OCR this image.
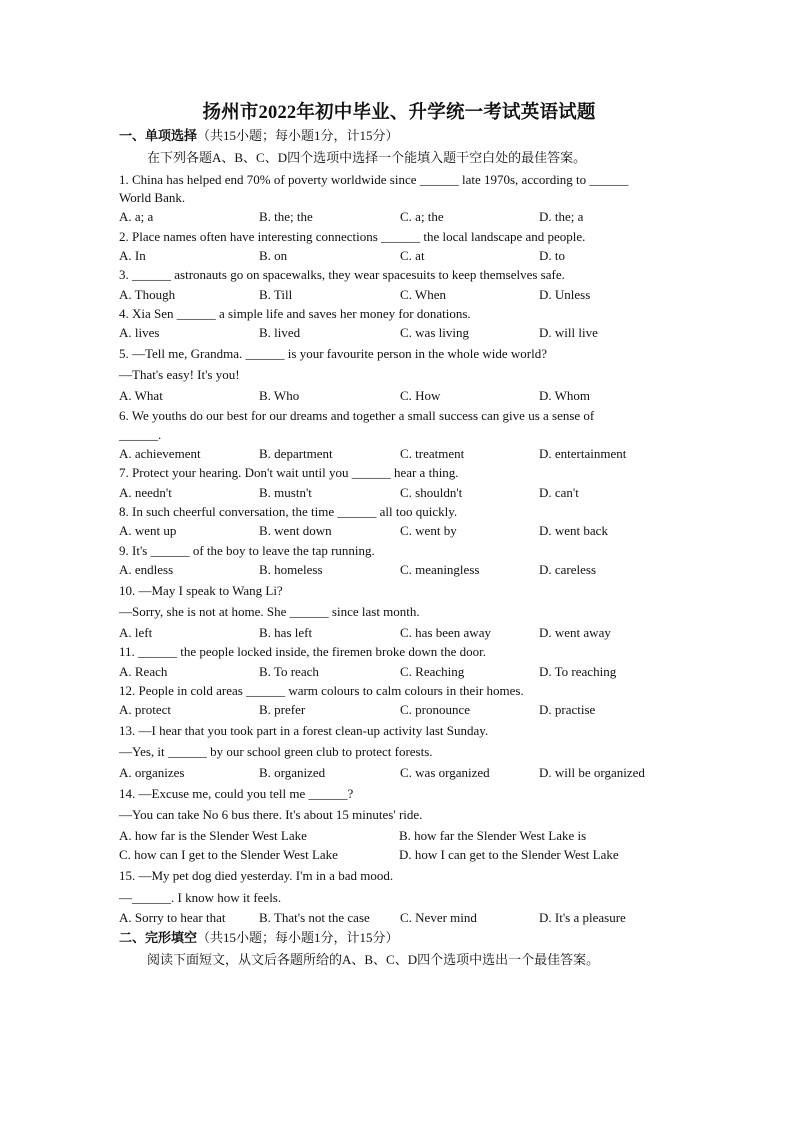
扬州市2022年初中毕业、升学统一考试英语试题
一、单项选择（共15小题；每小题1分，计15分）
在下列各题A、B、C、D四个选项中选择一个能填入题干空白处的最佳答案。
1. China has helped end 70% of poverty worldwide since ______ late 1970s, according to ______
World Bank.
A. a; a	B. the; the	C. a; the	D. the; a
2. Place names often have interesting connections ______ the local landscape and people.
A. In	B. on	C. at	D. to
3. ______ astronauts go on spacewalks, they wear spacesuits to keep themselves safe.
A. Though	B. Till	C. When	D. Unless
4. Xia Sen ______ a simple life and saves her money for donations.
A. lives	B. lived	C. was living	D. will live
5. —Tell me, Grandma. ______ is your favourite person in the whole wide world?
—That's easy! It's you!
A. What	B. Who	C. How	D. Whom
6. We youths do our best for our dreams and together a small success can give us a sense of
______.
A. achievement	B. department	C. treatment	D. entertainment
7. Protect your hearing. Don't wait until you ______ hear a thing.
A. needn't	B. mustn't	C. shouldn't	D. can't
8. In such cheerful conversation, the time ______ all too quickly.
A. went up	B. went down	C. went by	D. went back
9. It's ______ of the boy to leave the tap running.
A. endless	B. homeless	C. meaningless	D. careless
10. —May I speak to Wang Li?
—Sorry, she is not at home. She ______ since last month.
A. left	B. has left	C. has been away	D. went away
11. ______ the people locked inside, the firemen broke down the door.
A. Reach	B. To reach	C. Reaching	D. To reaching
12. People in cold areas ______ warm colours to calm colours in their homes.
A. protect	B. prefer	C. pronounce	D. practise
13. —I hear that you took part in a forest clean-up activity last Sunday.
—Yes, it ______ by our school green club to protect forests.
A. organizes	B. organized	C. was organized	D. will be organized
14. —Excuse me, could you tell me ______?
—You can take No 6 bus there. It's about 15 minutes' ride.
A. how far is the Slender West Lake	B. how far the Slender West Lake is
C. how can I get to the Slender West Lake	D. how I can get to the Slender West Lake
15. —My pet dog died yesterday. I'm in a bad mood.
—______. I know how it feels.
A. Sorry to hear that	B. That's not the case C. Never mind	D. It's a pleasure
二、完形填空（共15小题；每小题1分，计15分）
阅读下面短文，从文后各题所给的A、B、C、D四个选项中选出一个最佳答案。
